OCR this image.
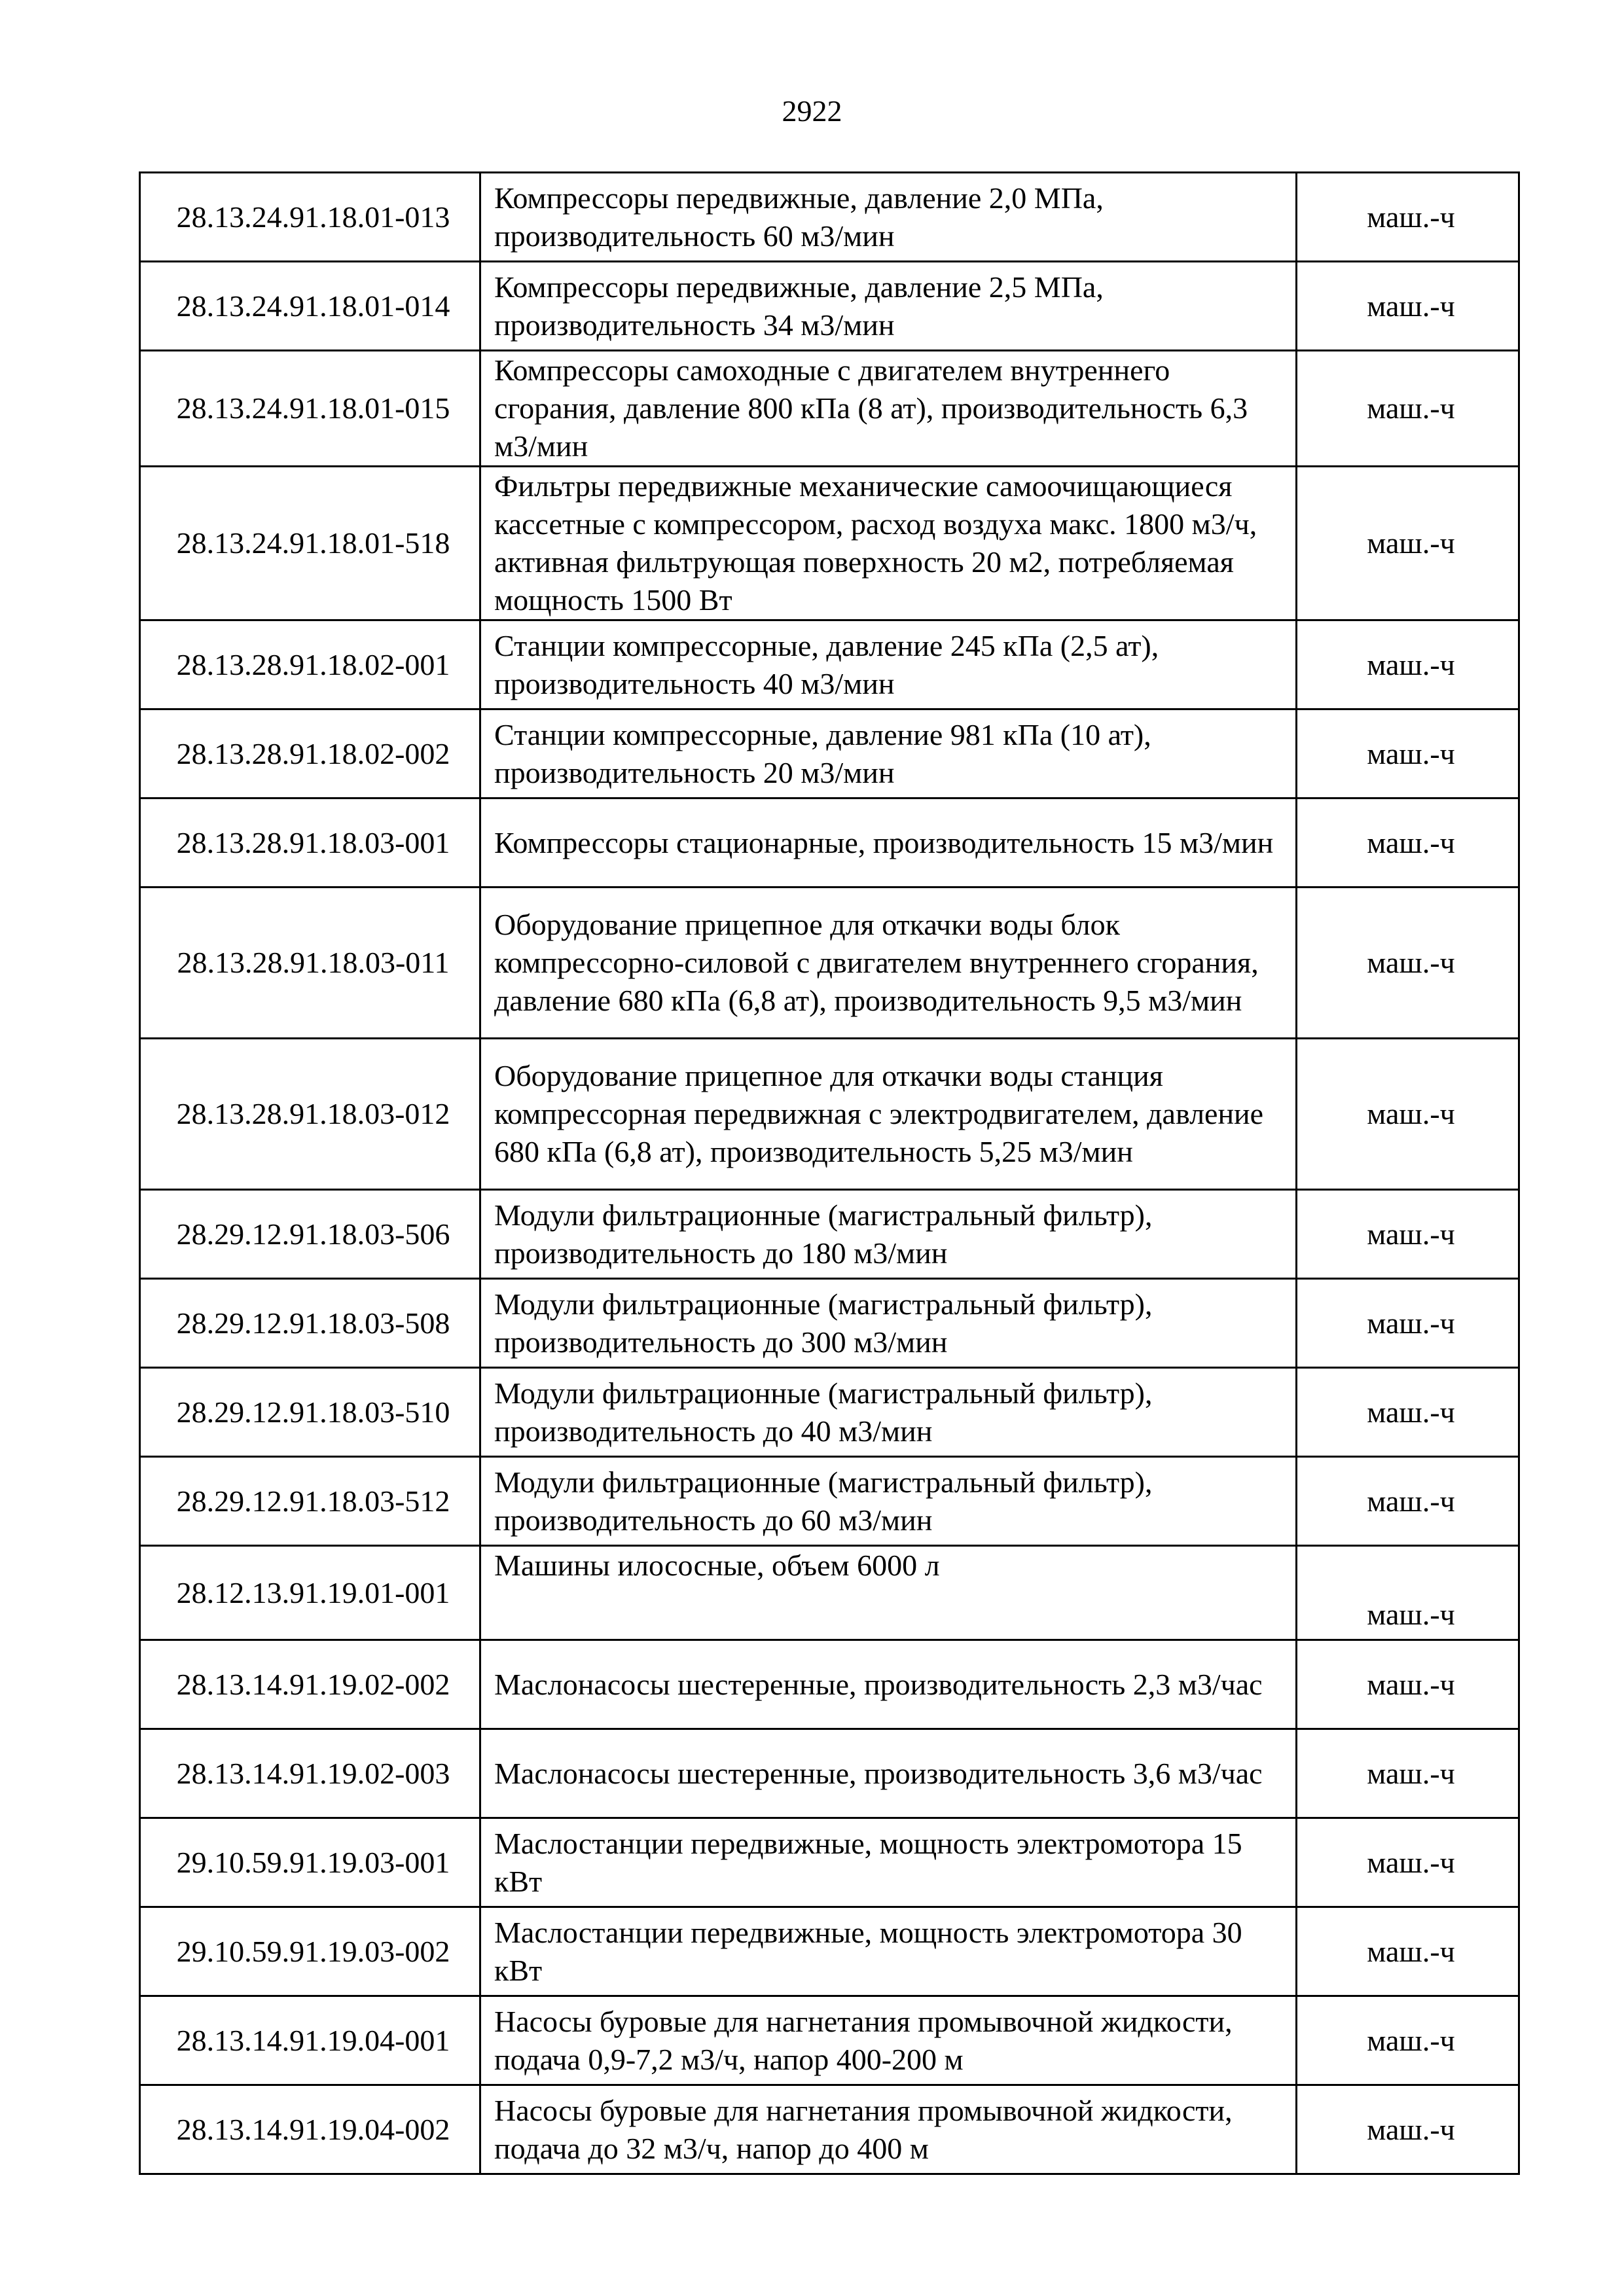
2922
28.13.24.91.18.01-013	Компрессоры передвижные, давление 2,0 МПа, производительность 60 м3/мин	маш.-ч
28.13.24.91.18.01-014	Компрессоры передвижные, давление 2,5 МПа, производительность 34 м3/мин	маш.-ч
28.13.24.91.18.01-015	Компрессоры самоходные с двигателем внутреннего сгорания, давление 800 кПа (8 ат), производительность 6,3 м3/мин	маш.-ч
28.13.24.91.18.01-518	Фильтры передвижные механические самоочищающиеся кассетные с компрессором, расход воздуха макс. 1800 м3/ч, активная фильтрующая поверхность 20 м2, потребляемая мощность 1500 Вт	маш.-ч
28.13.28.91.18.02-001	Станции компрессорные, давление 245 кПа (2,5 ат), производительность 40 м3/мин	маш.-ч
28.13.28.91.18.02-002	Станции компрессорные, давление 981 кПа (10 ат), производительность 20 м3/мин	маш.-ч
28.13.28.91.18.03-001	Компрессоры стационарные, производительность 15 м3/мин	маш.-ч
28.13.28.91.18.03-011	Оборудование прицепное для откачки воды блок компрессорно-силовой с двигателем внутреннего сгорания, давление 680 кПа (6,8 ат), производительность 9,5 м3/мин	маш.-ч
28.13.28.91.18.03-012	Оборудование прицепное для откачки воды станция компрессорная передвижная с электродвигателем, давление 680 кПа (6,8 ат), производительность 5,25 м3/мин	маш.-ч
28.29.12.91.18.03-506	Модули фильтрационные (магистральный фильтр), производительность до 180 м3/мин	маш.-ч
28.29.12.91.18.03-508	Модули фильтрационные (магистральный фильтр), производительность до 300 м3/мин	маш.-ч
28.29.12.91.18.03-510	Модули фильтрационные (магистральный фильтр), производительность до 40 м3/мин	маш.-ч
28.29.12.91.18.03-512	Модули фильтрационные (магистральный фильтр), производительность до 60 м3/мин	маш.-ч
28.12.13.91.19.01-001	Машины илососные, объем 6000 л	маш.-ч
28.13.14.91.19.02-002	Маслонасосы шестеренные, производительность 2,3 м3/час	маш.-ч
28.13.14.91.19.02-003	Маслонасосы шестеренные, производительность 3,6 м3/час	маш.-ч
29.10.59.91.19.03-001	Маслостанции передвижные, мощность электромотора 15 кВт	маш.-ч
29.10.59.91.19.03-002	Маслостанции передвижные, мощность электромотора 30 кВт	маш.-ч
28.13.14.91.19.04-001	Насосы буровые для нагнетания промывочной жидкости, подача 0,9-7,2 м3/ч, напор 400-200 м	маш.-ч
28.13.14.91.19.04-002	Насосы буровые для нагнетания промывочной жидкости, подача до 32 м3/ч, напор до 400 м	маш.-ч
